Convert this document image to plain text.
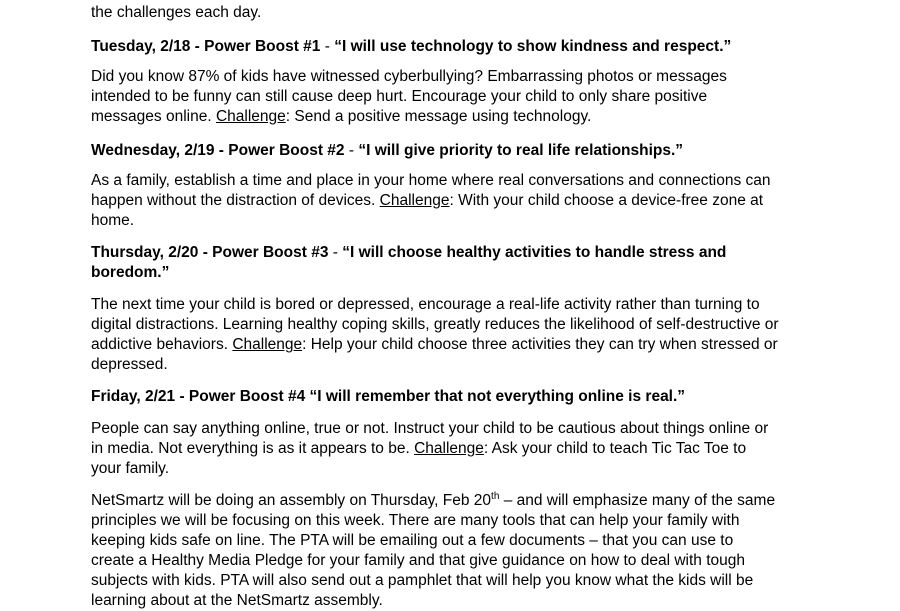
the challenges each day.

Tuesday, 2/18 - Power Boost #1 - “I will use technology to show kindness and respect.”

Did you know 87% of kids have witnessed cyberbullying? Embarrassing photos or messages

intended to be funny can still cause deep hurt. Encourage your child to only share positive

messages online. Challenge: Send a positive message using technology.

Wednesday, 2/19 - Power Boost #2 - “I will give priority to real life relationships.”

As a family, establish a time and place in your home where real conversations and connections can

happen without the distraction of devices. Challenge: With your child choose a device-free zone at

home.

Thursday, 2/20 - Power Boost #3 - “I will choose healthy activities to handle stress and

boredom.”

The next time your child is bored or depressed, encourage a real-life activity rather than turning to

digital distractions. Learning healthy coping skills, greatly reduces the likelihood of self-destructive or

addictive behaviors. Challenge: Help your child choose three activities they can try when stressed or

depressed.

Friday, 2/21 - Power Boost #4 “I will remember that not everything online is real.”

People can say anything online, true or not. Instruct your child to be cautious about things online or

in media. Not everything is as it appears to be. Challenge: Ask your child to teach Tic Tac Toe to

your family.

NetSmartz will be doing an assembly on Thursday, Feb 20th – and will emphasize many of the same

principles we will be focusing on this week. There are many tools that can help your family with

keeping kids safe on line. The PTA will be emailing out a few documents – that you can use to

create a Healthy Media Pledge for your family and that give guidance on how to deal with tough

subjects with kids. PTA will also send out a pamphlet that will help you know what the kids will be

learning about at the NetSmartz assembly.
